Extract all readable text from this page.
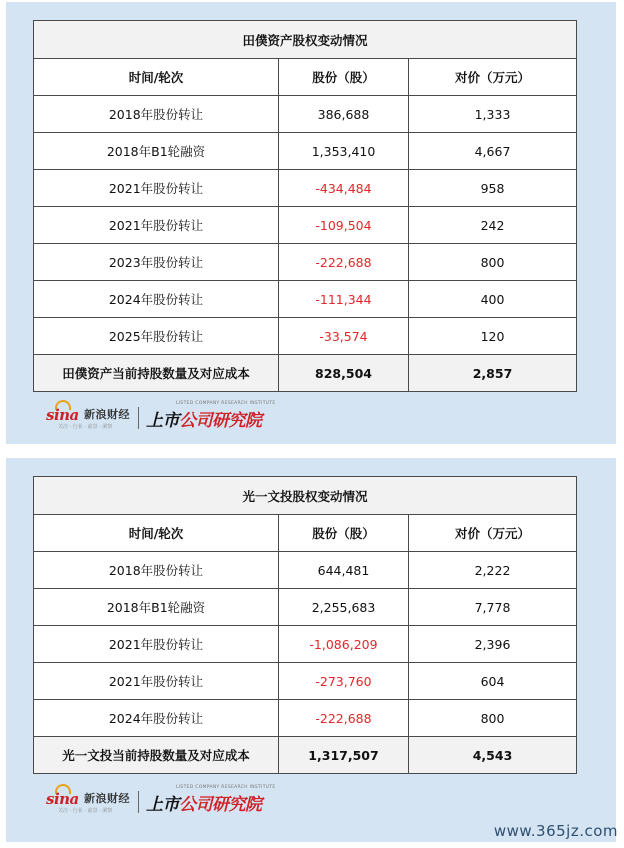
田僕资产股权变动情况		
时间/轮次	股份（股）	对价（万元）
2018年股份转让	386,688	1,333
2018年B1轮融资	1,353,410	4,667
2021年股份转让	-434,484	958
2021年股份转让	-109,504	242
2023年股份转让	-222,688	800
2024年股份转让	-111,344	400
2025年股份转让	-33,574	120
田僕资产当前持股数量及对应成本	828,504	2,857
sina 新浪财经
关注 · 行业 · 前景 · 洞察
LISTED COMPANY RESEARCH INSTITUTE
上市公司研究院
光一文投股权变动情况		
时间/轮次	股份（股）	对价（万元）
2018年股份转让	644,481	2,222
2018年B1轮融资	2,255,683	7,778
2021年股份转让	-1,086,209	2,396
2021年股份转让	-273,760	604
2024年股份转让	-222,688	800
光一文投当前持股数量及对应成本	1,317,507	4,543
sina 新浪财经
关注 · 行业 · 前景 · 洞察
LISTED COMPANY RESEARCH INSTITUTE
上市公司研究院
www.365jz.com
